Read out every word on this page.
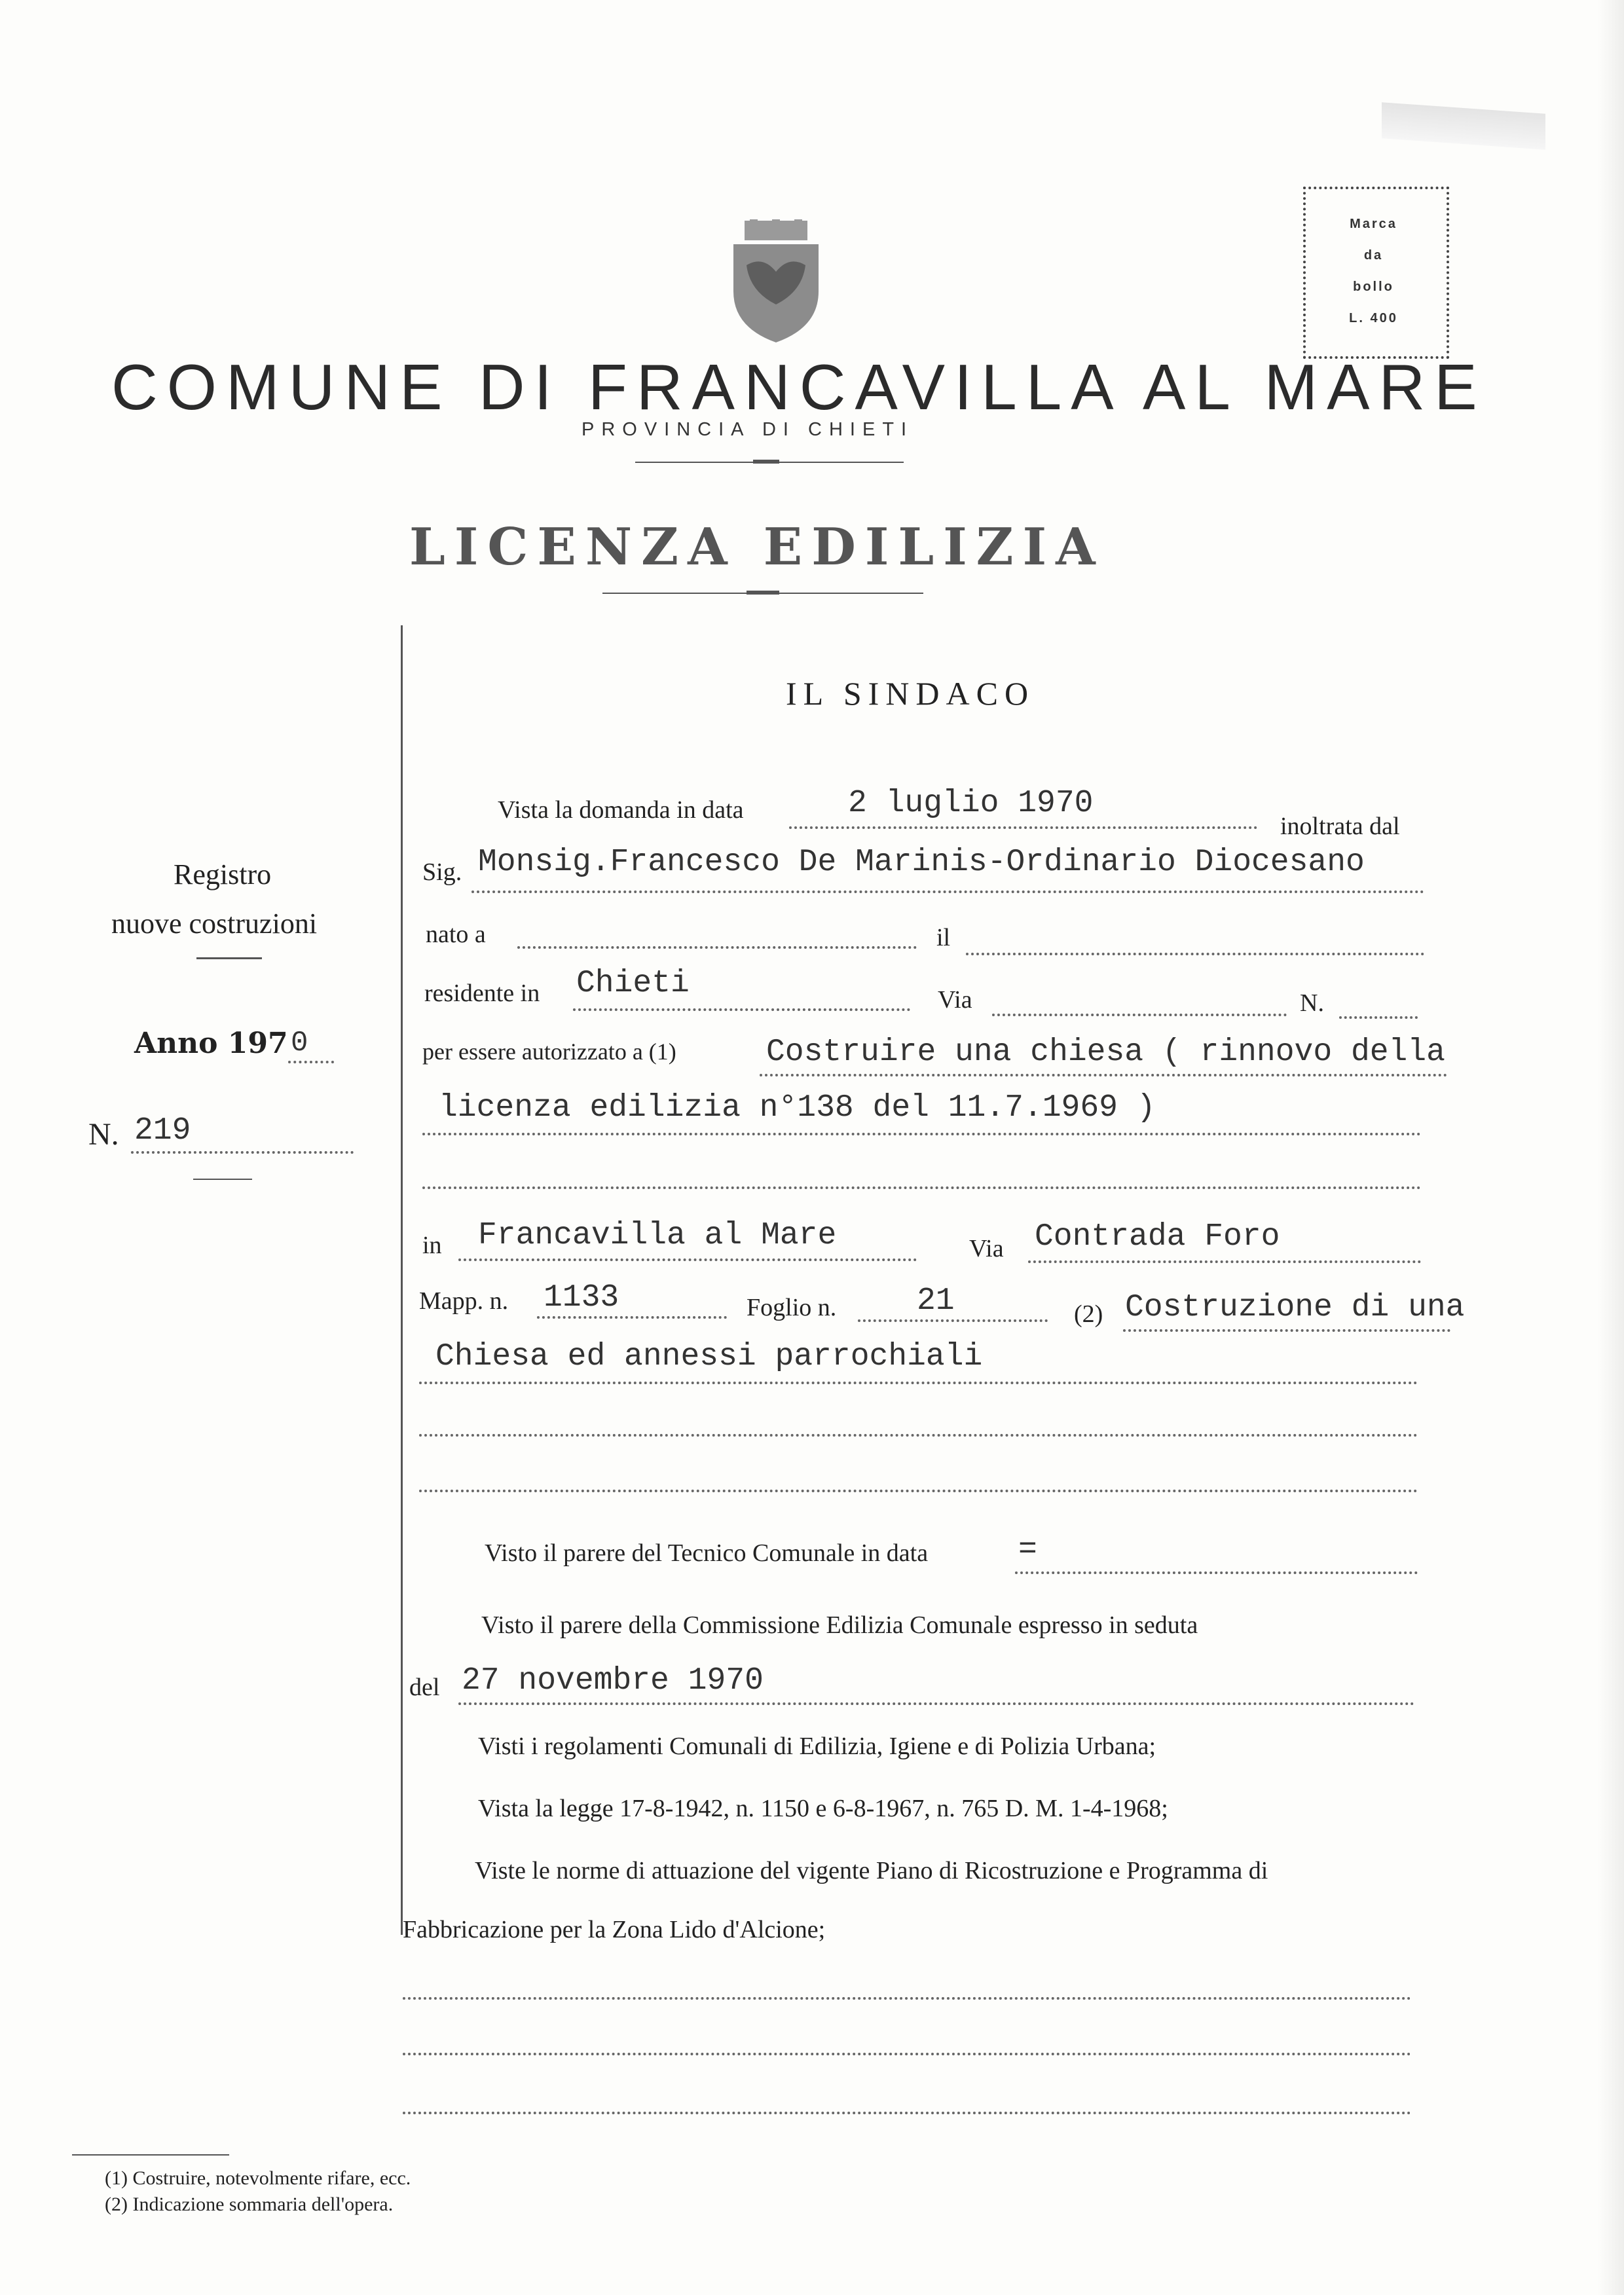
Marca
da
bollo
L. 400
COMUNE DI FRANCAVILLA AL MARE
PROVINCIA DI CHIETI
LICENZA EDILIZIA
IL SINDACO
Registro
nuove costruzioni
Anno 197 0
N. 219
Vista la domanda in data	2 luglio 1970
inoltrata dal
Sig. Monsig.Francesco De Marinis-Ordinario Diocesano
nato a	il
residente in Chieti	Via	N.
per essere autorizzato a (1)	Costruire una chiesa ( rinnovo della
licenza edilizia n°138 del 11.7.1969 )
in Francavilla al Mare	Via Contrada Foro
Mapp. n. 1133	Foglio n.	21	(2) Costruzione di una
Chiesa ed annessi parrochiali
Visto il parere del Tecnico Comunale in data	=
Visto il parere della Commissione Edilizia Comunale espresso in seduta
del 27 novembre 1970
Visti i regolamenti Comunali di Edilizia, Igiene e di Polizia Urbana;
Vista la legge 17-8-1942, n. 1150 e 6-8-1967, n. 765 D. M. 1-4-1968;
Viste le norme di attuazione del vigente Piano di Ricostruzione e Programma di
Fabbricazione per la Zona Lido d'Alcione;
(1) Costruire, notevolmente rifare, ecc.
(2) Indicazione sommaria dell'opera.
